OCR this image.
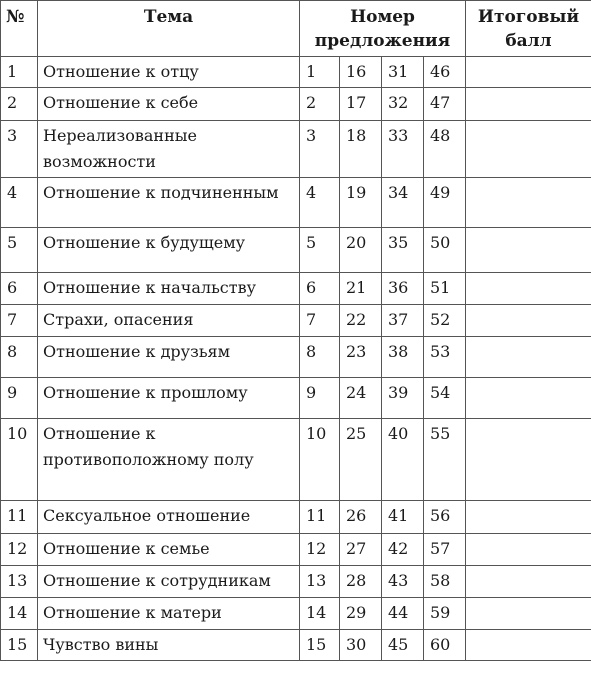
№	Тема	Номер предложения				Итоговый балл
1	Отношение к отцу	1	16	31	46	
2	Отношение к себе	2	17	32	47	
3	Нереализованные возможности	3	18	33	48	
4	Отношение к подчиненным	4	19	34	49	
5	Отношение к будущему	5	20	35	50	
6	Отношение к начальству	6	21	36	51	
7	Страхи, опасения	7	22	37	52	
8	Отношение к друзьям	8	23	38	53	
9	Отношение к прошлому	9	24	39	54	
10	Отношение к противоположному полу	10	25	40	55	
11	Сексуальное отношение	11	26	41	56	
12	Отношение к семье	12	27	42	57	
13	Отношение к сотрудникам	13	28	43	58	
14	Отношение к матери	14	29	44	59	
15	Чувство вины	15	30	45	60	
